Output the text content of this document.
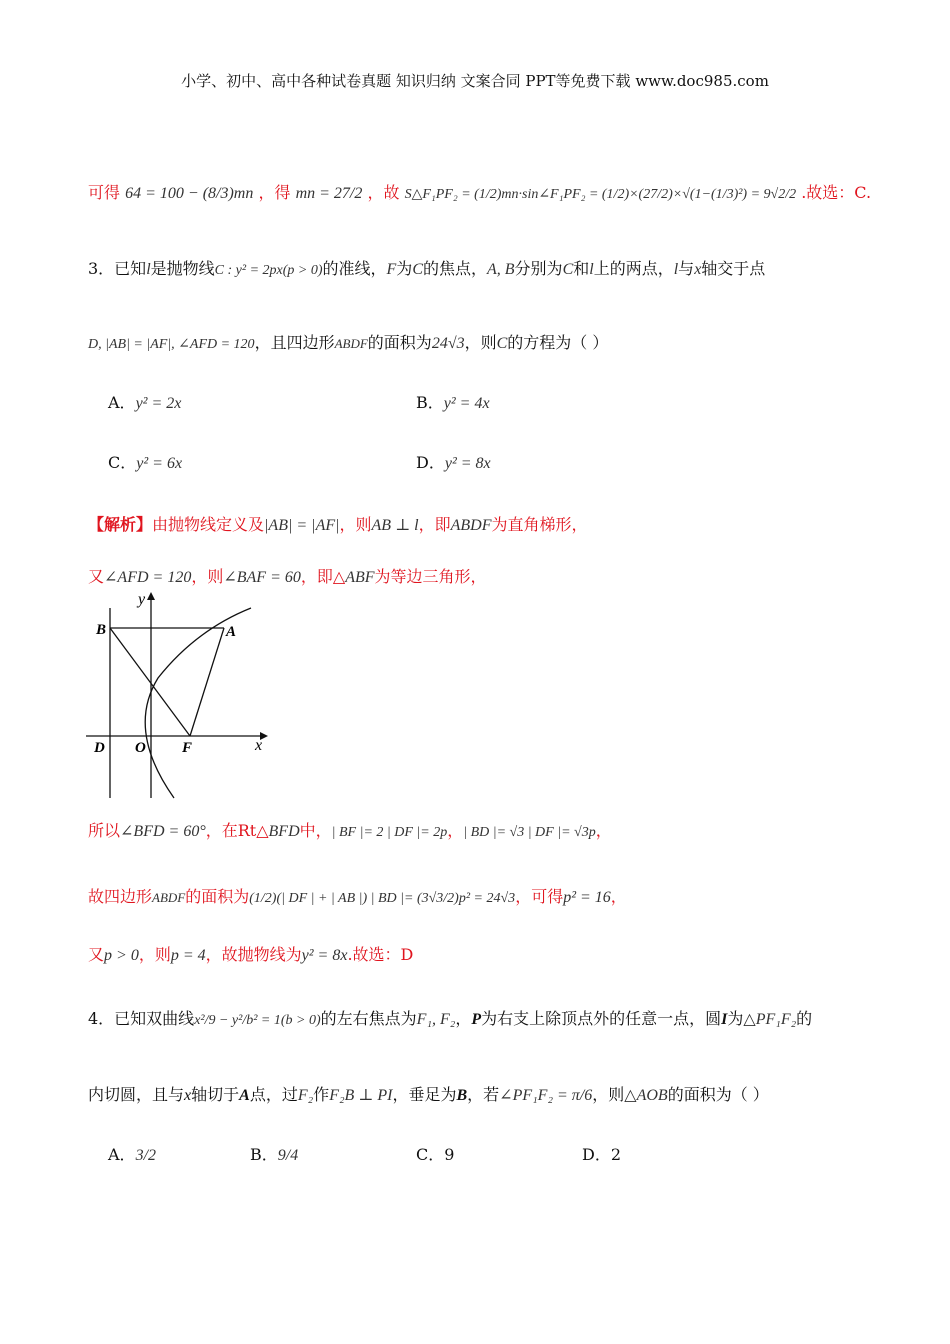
小学、初中、高中各种试卷真题 知识归纳 文案合同 PPT等免费下载 www.doc985.com
可得 64 = 100 − (8/3)mn ，得 mn = 27/2 ，故 S△F₁PF₂ = (1/2)mn·sin∠F₁PF₂ = (1/2)×(27/2)×√(1−(1/3)²) = 9√2/2 .故选：C.
3．已知l是抛物线C : y² = 2px(p > 0)的准线，F为C的焦点，A, B分别为C和l上的两点，l与x轴交于点
D, |AB| = |AF|, ∠AFD = 120，且四边形ABDF的面积为24√3，则C的方程为（ ）
A．y² = 2x	B．y² = 4x
C．y² = 6x	D．y² = 8x
【解析】由抛物线定义及|AB| = |AF|，则AB ⊥ l，即ABDF为直角梯形，
又∠AFD = 120，则∠BAF = 60，即△ABF为等边三角形，
y
x
B	A
D O F
所以∠BFD = 60°，在Rt△BFD中，| BF |= 2 | DF |= 2p，| BD |= √3 | DF |= √3p，
故四边形ABDF的面积为(1/2)(| DF | + | AB |) | BD |= (3√3/2)p² = 24√3，可得p² = 16，
又p > 0，则p = 4，故抛物线为y² = 8x.故选：D
4．已知双曲线x²/9 − y²/b² = 1(b > 0)的左右焦点为F₁, F₂，P为右支上除顶点外的任意一点，圆I为△PF₁F₂的
内切圆，且与x轴切于A点，过F₂作F₂B ⊥ PI，垂足为B，若∠PF₁F₂ = π/6，则△AOB的面积为（ ）
A．3/2	B．9/4	C．9	D．2
